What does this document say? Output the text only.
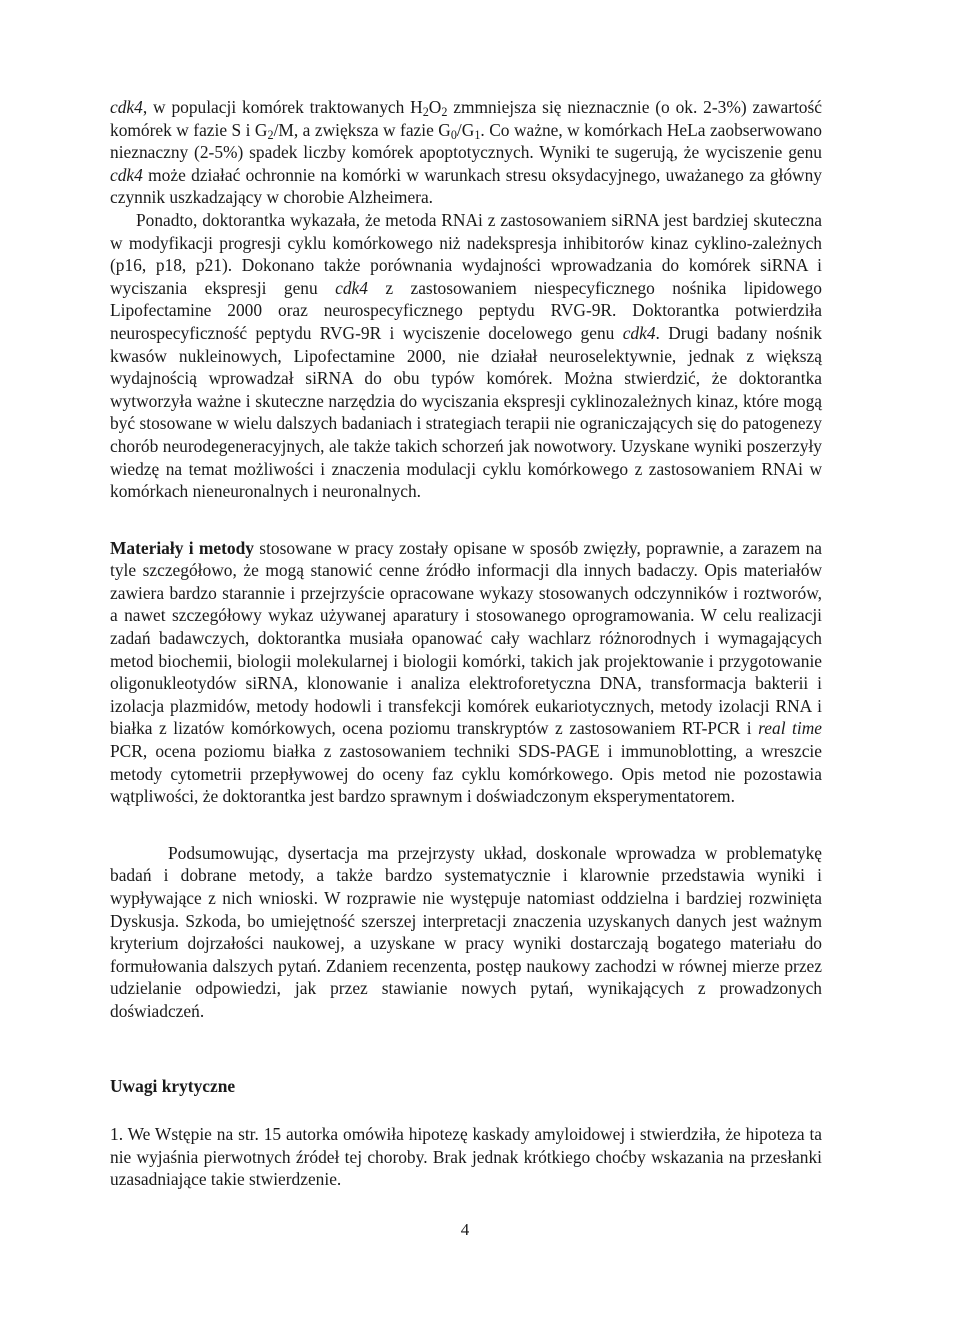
cdk4, w populacji komórek traktowanych $H_2O_2$ zmmniejsza się nieznacznie (o ok. 2-3%) zawartość komórek w fazie S i $G_2/M$, a zwiększa w fazie $G_0/G_1$. Co ważne, w komórkach HeLa zaobserwowano nieznaczny (2-5%) spadek liczby komórek apoptotycznych. Wyniki te sugerują, że wyciszenie genu cdk4 może działać ochronnie na komórki w warunkach stresu oksydacyjnego, uważanego za główny czynnik uszkadzający w chorobie Alzheimera.

Ponadto, doktorantka wykazała, że metoda RNAi z zastosowaniem siRNA jest bardziej skuteczna w modyfikacji progresji cyklu komórkowego niż nadekspresja inhibitorów kinaz cyklino-zależnych (p16, p18, p21). Dokonano także porównania wydajności wprowadzania do komórek siRNA i wyciszania ekspresji genu cdk4 z zastosowaniem niespecyficznego nośnika lipidowego Lipofectamine 2000 oraz neurospecyficznego peptydu RVG-9R. Doktorantka potwierdziła neurospecyficzność peptydu RVG-9R i wyciszenie docelowego genu cdk4. Drugi badany nośnik kwasów nukleinowych, Lipofectamine 2000, nie działał neuroselektywnie, jednak z większą wydajnością wprowadzał siRNA do obu typów komórek. Można stwierdzić, że doktorantka wytworzyła ważne i skuteczne narzędzia do wyciszania ekspresji cyklinozależnych kinaz, które mogą być stosowane w wielu dalszych badaniach i strategiach terapii nie ograniczających się do patogenezy chorób neurodegeneracyjnych, ale także takich schorzeń jak nowotwory. Uzyskane wyniki poszerzyły wiedzę na temat możliwości i znaczenia modulacji cyklu komórkowego z zastosowaniem RNAi w komórkach nieneuronalnych i neuronalnych.

Materiały i metody stosowane w pracy zostały opisane w sposób zwięzły, poprawnie, a zarazem na tyle szczegółowo, że mogą stanowić cenne źródło informacji dla innych badaczy. Opis materiałów zawiera bardzo starannie i przejrzyście opracowane wykazy stosowanych odczynników i roztworów, a nawet szczegółowy wykaz używanej aparatury i stosowanego oprogramowania. W celu realizacji zadań badawczych, doktorantka musiała opanować cały wachlarz różnorodnych i wymagających metod biochemii, biologii molekularnej i biologii komórki, takich jak projektowanie i przygotowanie oligonukleotydów siRNA, klonowanie i analiza elektroforetyczna DNA, transformacja bakterii i izolacja plazmidów, metody hodowli i transfekcji komórek eukariotycznych, metody izolacji RNA i białka z lizatów komórkowych, ocena poziomu transkryptów z zastosowaniem RT-PCR i real time PCR, ocena poziomu białka z zastosowaniem techniki SDS-PAGE i immunoblotting, a wreszcie metody cytometrii przepływowej do oceny faz cyklu komórkowego. Opis metod nie pozostawia wątpliwości, że doktorantka jest bardzo sprawnym i doświadczonym eksperymentatorem.

Podsumowując, dysertacja ma przejrzysty układ, doskonale wprowadza w problematykę badań i dobrane metody, a także bardzo systematycznie i klarownie przedstawia wyniki i wypływające z nich wnioski. W rozprawie nie występuje natomiast oddzielna i bardziej rozwinięta Dyskusja. Szkoda, bo umiejętność szerszej interpretacji znaczenia uzyskanych danych jest ważnym kryterium dojrzałości naukowej, a uzyskane w pracy wyniki dostarczają bogatego materiału do formułowania dalszych pytań. Zdaniem recenzenta, postęp naukowy zachodzi w równej mierze przez udzielanie odpowiedzi, jak przez stawianie nowych pytań, wynikających z prowadzonych doświadczeń.

Uwagi krytyczne

1. We Wstępie na str. 15 autorka omówiła hipotezę kaskady amyloidowej i stwierdziła, że hipoteza ta nie wyjaśnia pierwotnych źródeł tej choroby. Brak jednak krótkiego choćby wskazania na przesłanki uzasadniające takie stwierdzenie.

4
